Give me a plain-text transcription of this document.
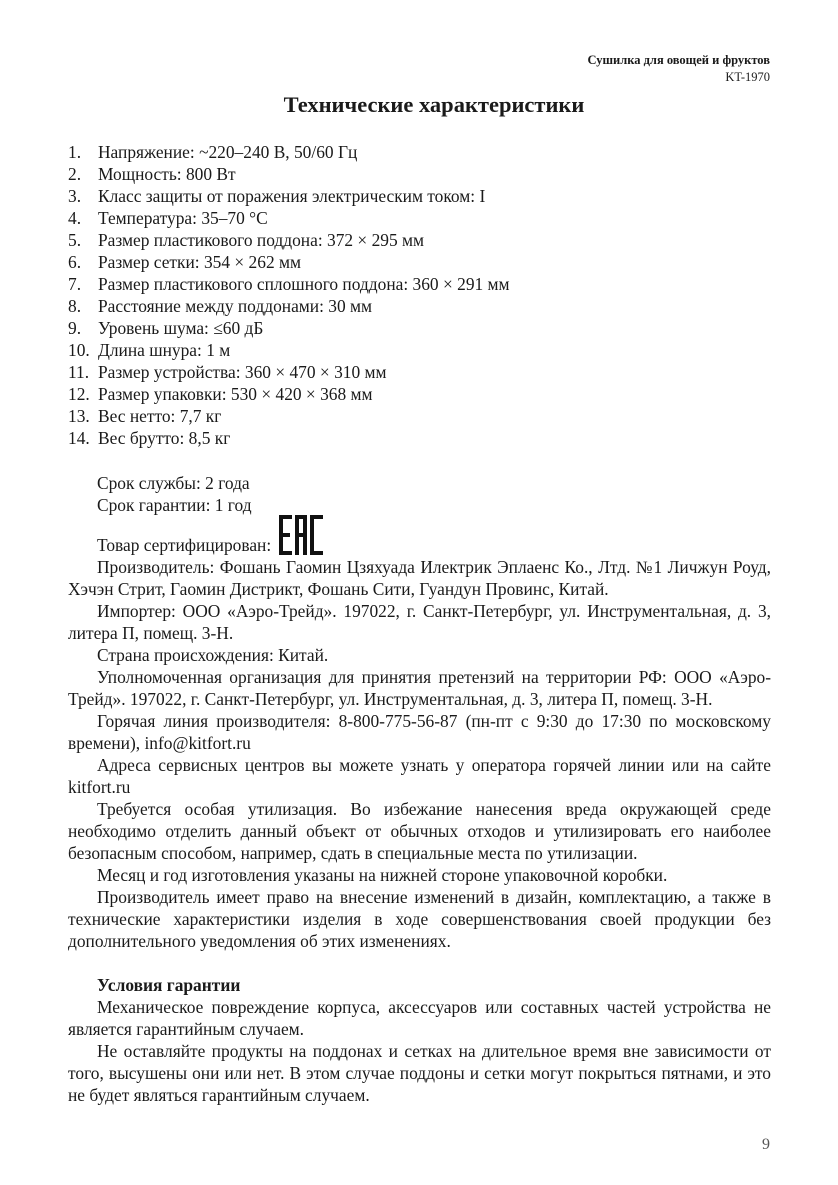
Сушилка для овощей и фруктов
KT-1970
Технические характеристики
1. Напряжение: ~220–240 В, 50/60 Гц
2. Мощность: 800 Вт
3. Класс защиты от поражения электрическим током: I
4. Температура: 35–70 °C
5. Размер пластикового поддона: 372 × 295 мм
6. Размер сетки: 354 × 262 мм
7. Размер пластикового сплошного поддона: 360 × 291 мм
8. Расстояние между поддонами: 30 мм
9. Уровень шума: ≤60 дБ
10. Длина шнура: 1 м
11. Размер устройства: 360 × 470 × 310 мм
12. Размер упаковки: 530 × 420 × 368 мм
13. Вес нетто: 7,7 кг
14. Вес брутто: 8,5 кг
Срок службы: 2 года
Срок гарантии: 1 год
Товар сертифицирован:

Производитель: Фошань Гаомин Цзяхуада Илектрик Эплаенс Ко., Лтд. №1 Личжун Роуд, Хэчэн Стрит, Гаомин Дистрикт, Фошань Сити, Гуандун Провинс, Китай.

Импортер: ООО «Аэро-Трейд». 197022, г. Санкт-Петербург, ул. Инструментальная, д. 3, литера П, помещ. 3-Н.

Страна происхождения: Китай.

Уполномоченная организация для принятия претензий на территории РФ: ООО «Аэро-Трейд». 197022, г. Санкт-Петербург, ул. Инструментальная, д. 3, литера П, помещ. 3-Н.

Горячая линия производителя: 8-800-775-56-87 (пн-пт с 9:30 до 17:30 по московскому времени), info@kitfort.ru

Адреса сервисных центров вы можете узнать у оператора горячей линии или на сайте kitfort.ru

Требуется особая утилизация. Во избежание нанесения вреда окружающей среде необходимо отделить данный объект от обычных отходов и утилизировать его наиболее безопасным способом, например, сдать в специальные места по утилизации.

Месяц и год изготовления указаны на нижней стороне упаковочной коробки.

Производитель имеет право на внесение изменений в дизайн, комплектацию, а также в технические характеристики изделия в ходе совершенствования своей продукции без дополнительного уведомления об этих изменениях.

Условия гарантии

Механическое повреждение корпуса, аксессуаров или составных частей устройства не является гарантийным случаем.

Не оставляйте продукты на поддонах и сетках на длительное время вне зависимости от того, высушены они или нет. В этом случае поддоны и сетки могут покрыться пятнами, и это не будет являться гарантийным случаем.

9
